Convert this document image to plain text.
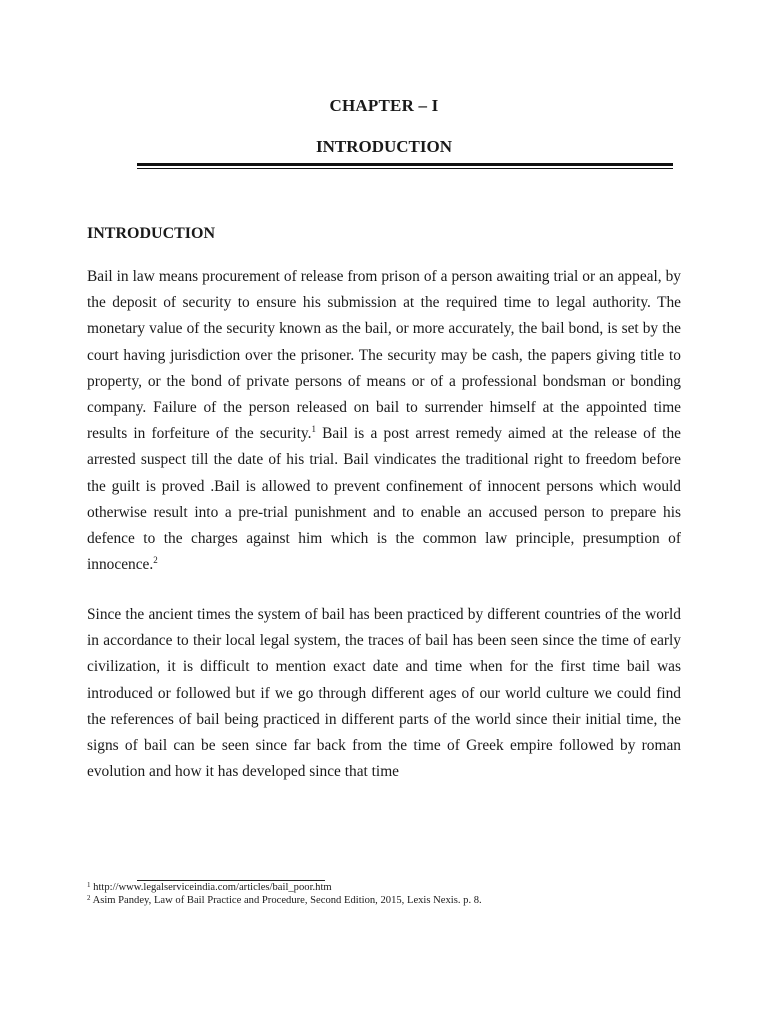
CHAPTER – I
INTRODUCTION
INTRODUCTION

Bail in law means procurement of release from prison of a person awaiting trial or an appeal, by the deposit of security to ensure his submission at the required time to legal authority. The monetary value of the security known as the bail, or more accurately, the bail bond, is set by the court having jurisdiction over the prisoner. The security may be cash, the papers giving title to property, or the bond of private persons of means or of a professional bondsman or bonding company. Failure of the person released on bail to surrender himself at the appointed time results in forfeiture of the security.$^1$ Bail is a post arrest remedy aimed at the release of the arrested suspect till the date of his trial. Bail vindicates the traditional right to freedom before the guilt is proved .Bail is allowed to prevent confinement of innocent persons which would otherwise result into a pre-trial punishment and to enable an accused person to prepare his defence to the charges against him which is the common law principle, presumption of innocence.$^2$

Since the ancient times the system of bail has been practiced by different countries of the world in accordance to their local legal system, the traces of bail has been seen since the time of early civilization, it is difficult to mention exact date and time when for the first time bail was introduced or followed but if we go through different ages of our world culture we could find the references of bail being practiced in different parts of the world since their initial time, the signs of bail can be seen since far back from the time of Greek empire followed by roman evolution and how it has developed since that time

$^1$ http://www.legalserviceindia.com/articles/bail_poor.htm
$^2$ Asim Pandey, Law of Bail Practice and Procedure, Second Edition, 2015, Lexis Nexis. p. 8.
